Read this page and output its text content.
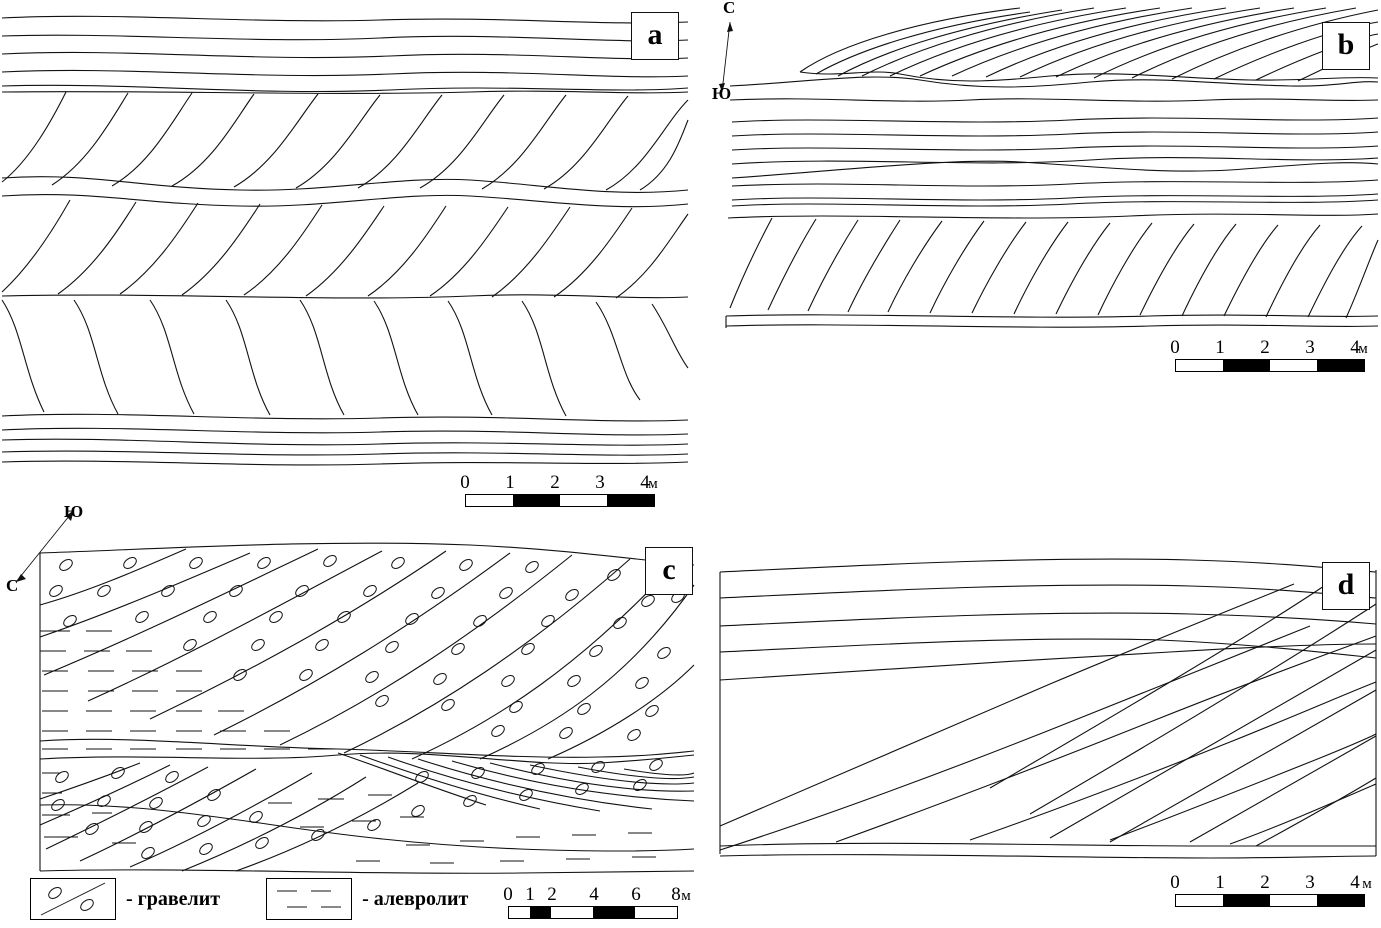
a
0 1 2 3 4
м
b
С
Ю
0 1 2 3 4
м
c
Ю
С
- гравелит	- алевролит 0 1 2 4 6 8 м
d
0 1 2 3 4 м
